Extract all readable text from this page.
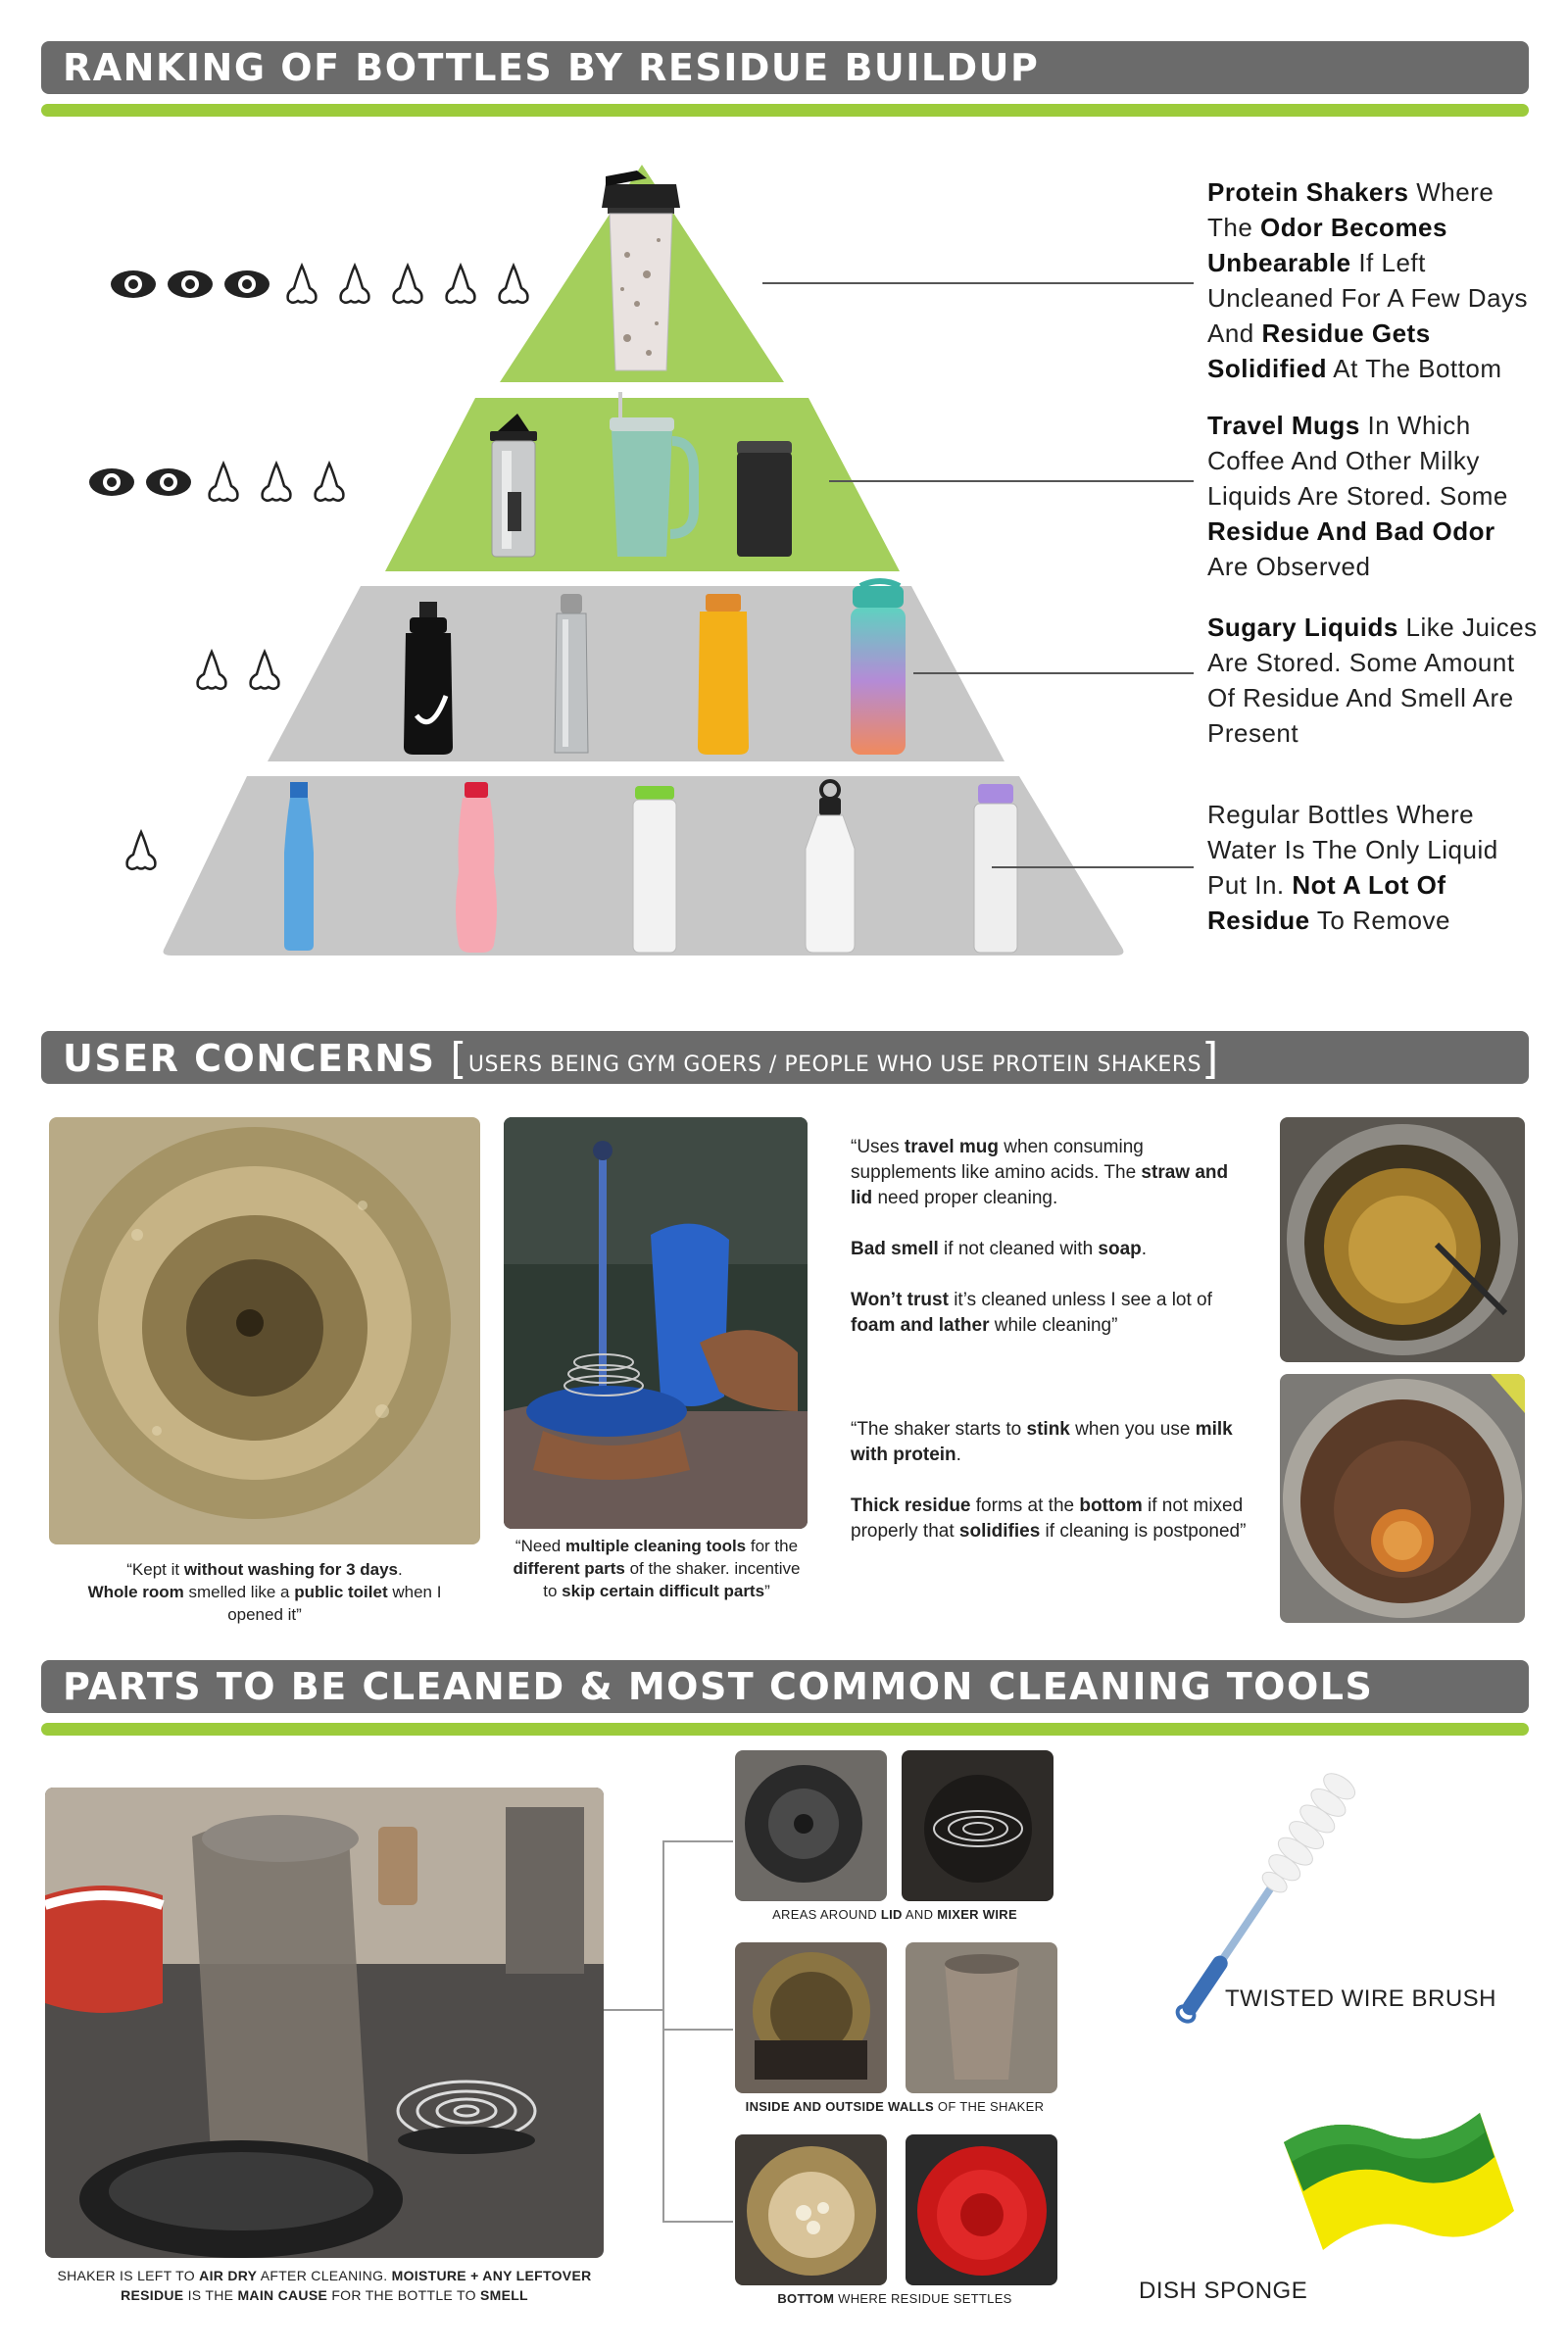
RANKING OF BOTTLES BY RESIDUE BUILDUP
Protein Shakers Where The Odor Becomes Unbearable If Left Uncleaned For A Few Days And Residue Gets Solidified At The Bottom
Travel Mugs In Which Coffee And Other Milky Liquids Are Stored. Some Residue And Bad Odor Are Observed
Sugary Liquids Like Juices Are Stored. Some Amount Of Residue And Smell Are Present
Regular Bottles Where Water Is The Only Liquid Put In. Not A Lot Of Residue To Remove
USER CONCERNS [USERS BEING GYM GOERS / PEOPLE WHO USE PROTEIN SHAKERS]
“Kept it without washing for 3 days.
Whole room smelled like a public toilet when I opened it”
“Need multiple cleaning tools for the different parts of the shaker. incentive to skip certain difficult parts”
“Uses travel mug when consuming supplements like amino acids. The straw and lid need proper cleaning.
Bad smell if not cleaned with soap.
Won’t trust it’s cleaned unless I see a lot of foam and lather while cleaning”
“The shaker starts to stink when you use milk with protein.
Thick residue forms at the bottom if not mixed properly that solidifies if cleaning is postponed”
PARTS TO BE CLEANED & MOST COMMON CLEANING TOOLS
SHAKER IS LEFT TO AIR DRY AFTER CLEANING. MOISTURE + ANY LEFTOVER RESIDUE IS THE MAIN CAUSE FOR THE BOTTLE TO SMELL
AREAS AROUND LID AND MIXER WIRE
INSIDE AND OUTSIDE WALLS OF THE SHAKER
BOTTOM WHERE RESIDUE SETTLES
TWISTED WIRE BRUSH
DISH SPONGE
